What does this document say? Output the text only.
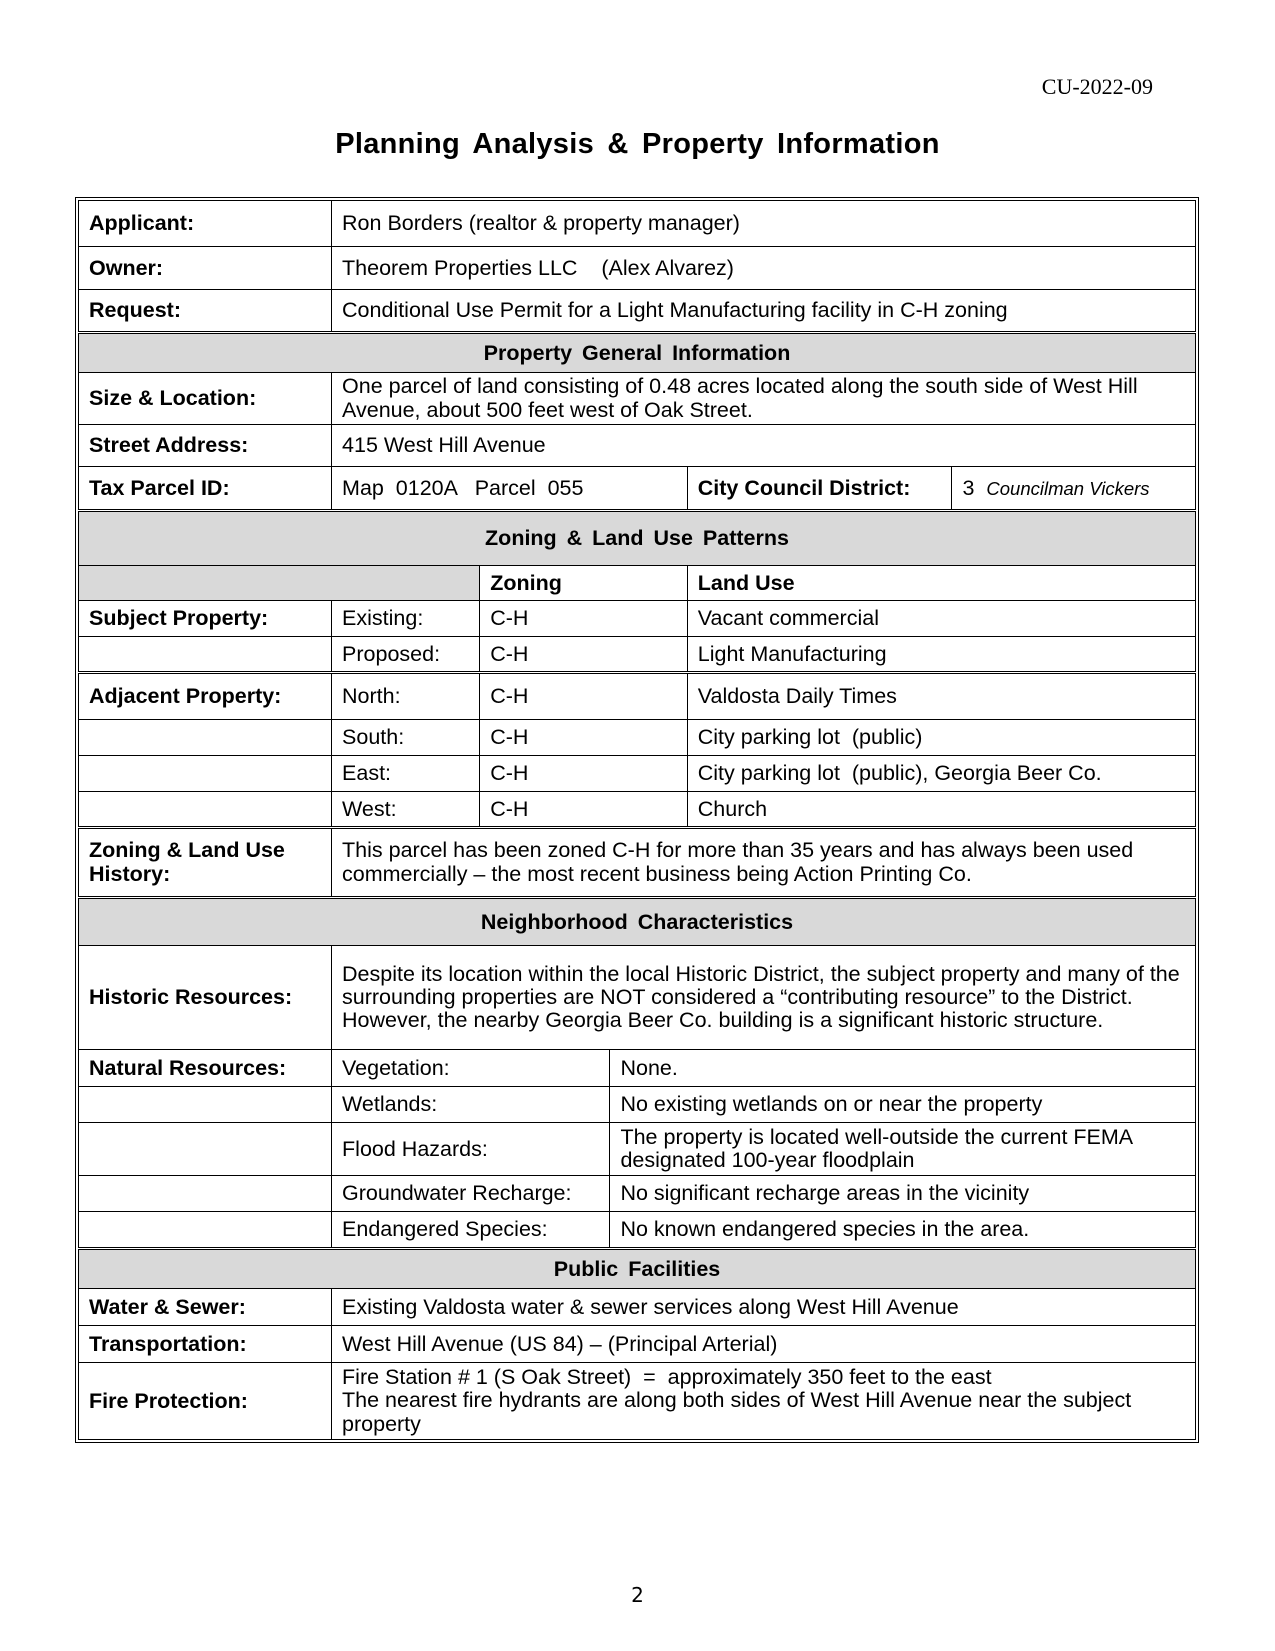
CU-2022-09
Planning Analysis & Property Information
Applicant:	Ron Borders (realtor & property manager)				
Owner:	Theorem Properties LLC    (Alex Alvarez)				
Request:	Conditional Use Permit for a Light Manufacturing facility in C-H zoning				
Property General Information					
Size & Location:	One parcel of land consisting of 0.48 acres located along the south side of West Hill Avenue, about 500 feet west of Oak Street.				
Street Address:	415 West Hill Avenue				
Tax Parcel ID:	Map  0120A   Parcel  055			City Council District:	3 Councilman Vickers
Zoning & Land Use Patterns					
		Zoning		Land Use	
Subject Property:	Existing:	C-H		Vacant commercial	
	Proposed:	C-H		Light Manufacturing	
Adjacent Property:	North:	C-H		Valdosta Daily Times	
	South:	C-H		City parking lot  (public)	
	East:	C-H		City parking lot  (public), Georgia Beer Co.	
	West:	C-H		Church	
Zoning & Land Use History:	This parcel has been zoned C-H for more than 35 years and has always been used commercially – the most recent business being Action Printing Co.				
Neighborhood Characteristics					
Historic Resources:	Despite its location within the local Historic District, the subject property and many of the surrounding properties are NOT considered a “contributing resource” to the District. However, the nearby Georgia Beer Co. building is a significant historic structure.				
Natural Resources:	Vegetation:		None.		
	Wetlands:		No existing wetlands on or near the property		
	Flood Hazards:		The property is located well-outside the current FEMA designated 100-year floodplain		
	Groundwater Recharge:		No significant recharge areas in the vicinity		
	Endangered Species:		No known endangered species in the area.		
Public Facilities					
Water & Sewer:	Existing Valdosta water & sewer services along West Hill Avenue				
Transportation:	West Hill Avenue (US 84) – (Principal Arterial)				
Fire Protection:	Fire Station # 1 (S Oak Street)  =  approximately 350 feet to the east
The nearest fire hydrants are along both sides of West Hill Avenue near the subject property				
2
